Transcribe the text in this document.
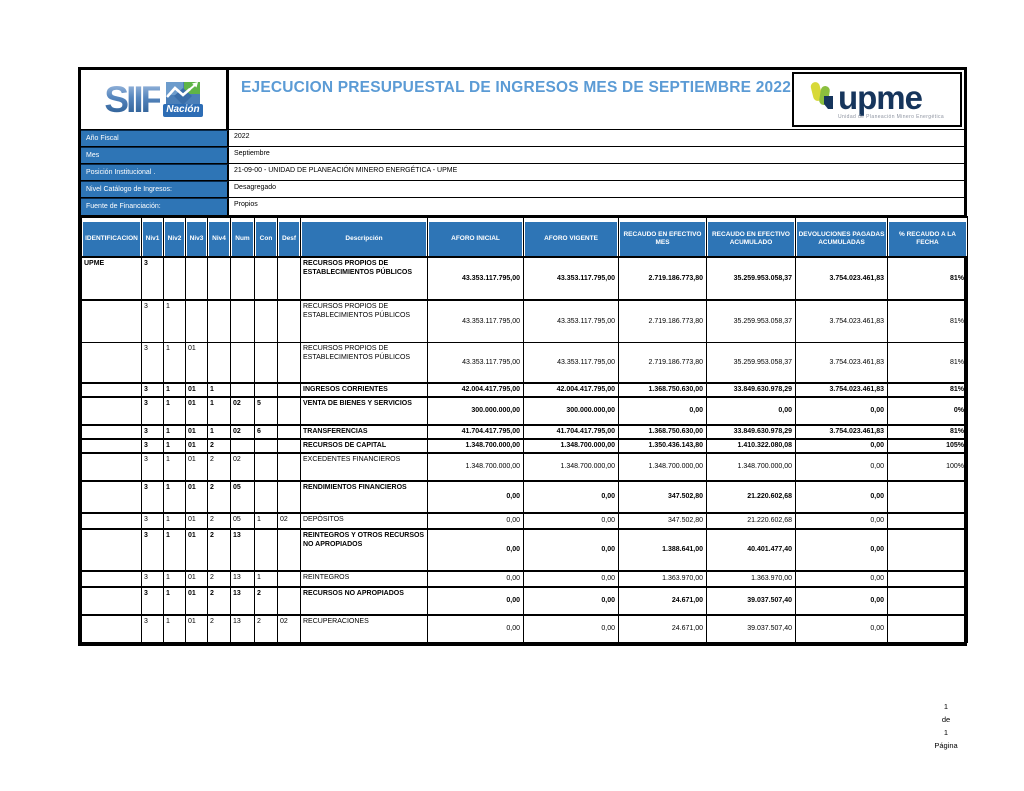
SIIF Nación
EJECUCION PRESUPUESTAL DE INGRESOS MES DE SEPTIEMBRE 2022 upme
Unidad de Planeación Minero Energética
Año Fiscal	2022
Mes	Septiembre
Posición Institucional .	21-09-00 - UNIDAD DE PLANEACIÓN MINERO ENERGÉTICA - UPME
Nivel Catálogo de Ingresos:	Desagregado
Fuente de Financiación:	Propios
IDENTIFICACION	Niv1	Niv2	Niv3	Niv4	Num	Con	Desf	Descripción	AFORO INICIAL	AFORO VIGENTE	RECAUDO EN EFECTIVO MES	RECAUDO EN EFECTIVO ACUMULADO	DEVOLUCIONES PAGADAS ACUMULADAS	% RECAUDO A LA FECHA

UPME	3							RECURSOS PROPIOS DE ESTABLECIMIENTOS PÚBLICOS	43.353.117.795,00	43.353.117.795,00	2.719.186.773,80	35.259.953.058,37	3.754.023.461,83	81%
	3	1						RECURSOS PROPIOS DE ESTABLECIMIENTOS PÚBLICOS	43.353.117.795,00	43.353.117.795,00	2.719.186.773,80	35.259.953.058,37	3.754.023.461,83	81%
	3	1	01					RECURSOS PROPIOS DE ESTABLECIMIENTOS PÚBLICOS	43.353.117.795,00	43.353.117.795,00	2.719.186.773,80	35.259.953.058,37	3.754.023.461,83	81%
	3	1	01	1				INGRESOS CORRIENTES	42.004.417.795,00	42.004.417.795,00	1.368.750.630,00	33.849.630.978,29	3.754.023.461,83	81%
	3	1	01	1	02	5		VENTA DE BIENES Y SERVICIOS	300.000.000,00	300.000.000,00	0,00	0,00	0,00	0%
	3	1	01	1	02	6		TRANSFERENCIAS	41.704.417.795,00	41.704.417.795,00	1.368.750.630,00	33.849.630.978,29	3.754.023.461,83	81%
	3	1	01	2				RECURSOS DE CAPITAL	1.348.700.000,00	1.348.700.000,00	1.350.436.143,80	1.410.322.080,08	0,00	105%
	3	1	01	2	02			EXCEDENTES FINANCIEROS	1.348.700.000,00	1.348.700.000,00	1.348.700.000,00	1.348.700.000,00	0,00	100%
	3	1	01	2	05			RENDIMIENTOS FINANCIEROS	0,00	0,00	347.502,80	21.220.602,68	0,00	
	3	1	01	2	05	1	02	DEPÓSITOS	0,00	0,00	347.502,80	21.220.602,68	0,00	
	3	1	01	2	13			REINTEGROS Y OTROS RECURSOS NO APROPIADOS	0,00	0,00	1.388.641,00	40.401.477,40	0,00	
	3	1	01	2	13	1		REINTEGROS	0,00	0,00	1.363.970,00	1.363.970,00	0,00	
	3	1	01	2	13	2		RECURSOS NO APROPIADOS	0,00	0,00	24.671,00	39.037.507,40	0,00	
	3	1	01	2	13	2	02	RECUPERACIONES	0,00	0,00	24.671,00	39.037.507,40	0,00	
1
de
1
Página
